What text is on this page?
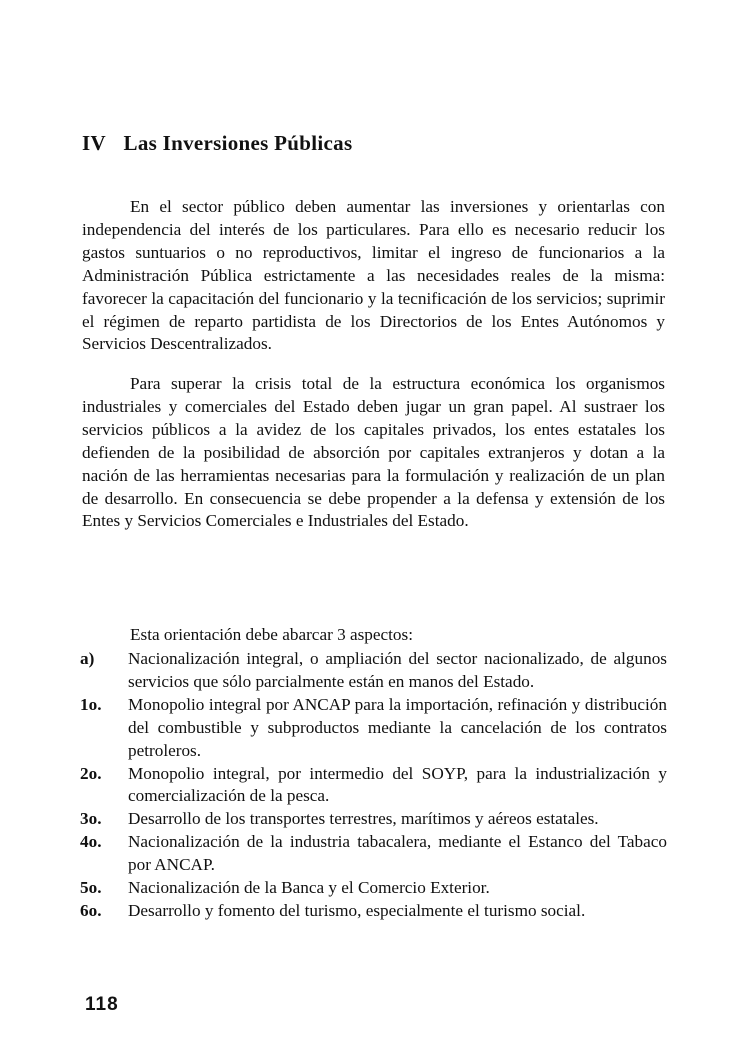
IV Las Inversiones Públicas

En el sector público deben aumentar las inversiones y orientarlas con independencia del interés de los particulares. Para ello es necesario reducir los gastos suntuarios o no reproductivos, limitar el ingreso de funcionarios a la Administración Pública estrictamente a las necesidades reales de la misma: favorecer la capacitación del funcionario y la tecnificación de los servicios; suprimir el régimen de reparto partidista de los Directorios de los Entes Autónomos y Servicios Descentralizados.

Para superar la crisis total de la estructura económica los organismos industriales y comerciales del Estado deben jugar un gran papel. Al sustraer los servicios públicos a la avidez de los capitales privados, los entes estatales los defienden de la posibilidad de absorción por capitales extranjeros y dotan a la nación de las herramientas necesarias para la formulación y realización de un plan de desarrollo. En consecuencia se debe propender a la defensa y extensión de los Entes y Servicios Comerciales e Industriales del Estado.

Esta orientación debe abarcar 3 aspectos:
a)	Nacionalización integral, o ampliación del sector nacionalizado, de algunos servicios que sólo parcialmente están en manos del Estado.
1o.	Monopolio integral por ANCAP para la importación, refinación y distribución del combustible y subproductos mediante la cancelación de los contratos petroleros.
2o.	Monopolio integral, por intermedio del SOYP, para la industrialización y comercialización de la pesca.
3o.	Desarrollo de los transportes terrestres, marítimos y aéreos estatales.
4o.	Nacionalización de la industria tabacalera, mediante el Estanco del Tabaco por ANCAP.
5o.	Nacionalización de la Banca y el Comercio Exterior.
6o.	Desarrollo y fomento del turismo, especialmente el turismo social.
118
